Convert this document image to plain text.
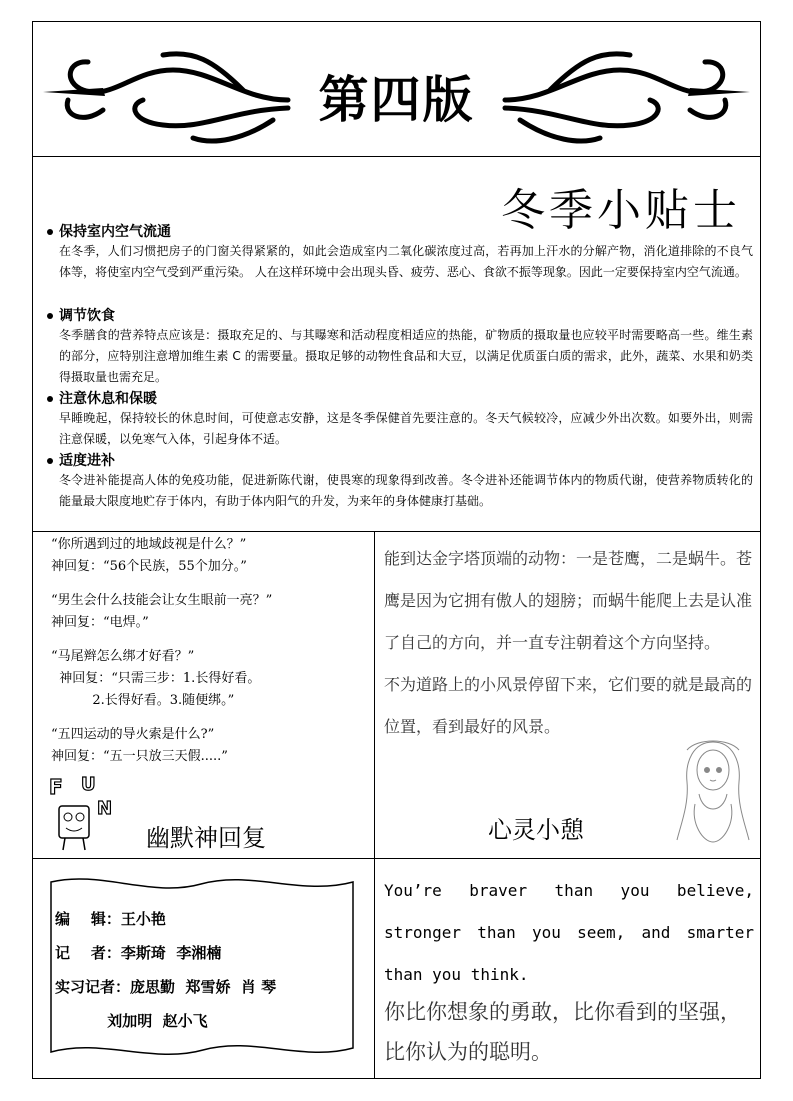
第四版
冬季小贴士
保持室内空气流通
在冬季，人们习惯把房子的门窗关得紧紧的，如此会造成室内二氧化碳浓度过高，若再加上汗水的分解产物，消化道排除的不良气体等，将使室内空气受到严重污染。 人在这样环境中会出现头昏、疲劳、恶心、食欲不振等现象。因此一定要保持室内空气流通。
调节饮食
冬季膳食的营养特点应该是：摄取充足的、与其曝寒和活动程度相适应的热能，矿物质的摄取量也应较平时需要略高一些。维生素的部分，应特别注意增加维生素 C 的需要量。摄取足够的动物性食品和大豆，以满足优质蛋白质的需求，此外，蔬菜、水果和奶类得摄取量也需充足。
注意休息和保暖
早睡晚起，保持较长的休息时间，可使意志安静，这是冬季保健首先要注意的。冬天气候较冷，应减少外出次数。如要外出，则需注意保暖，以免寒气入体，引起身体不适。
适度进补
冬令进补能提高人体的免疫功能，促进新陈代谢，使畏寒的现象得到改善。冬令进补还能调节体内的物质代谢，使营养物质转化的能量最大限度地贮存于体内，有助于体内阳气的升发，为来年的身体健康打基础。
“你所遇到过的地域歧视是什么？”
神回复：“56个民族，55个加分。”
“男生会什么技能会让女生眼前一亮？”
神回复：“电焊。”
“马尾辫怎么绑才好看？”
神回复：“只需三步：1.长得好看。
2.长得好看。3.随便绑。”
“五四运动的导火索是什么?”
神回复：“五一只放三天假.....”
F U
N
幽默神回复

能到达金字塔顶端的动物：一是苍鹰，二是蜗牛。苍鹰是因为它拥有傲人的翅膀；而蜗牛能爬上去是认准了自己的方向，并一直专注朝着这个方向坚持。

不为道路上的小风景停留下来，它们要的就是最高的位置，看到最好的风景。

心灵小憩
编    辑：王小艳
记    者：李斯琦  李湘楠
实习记者：庞思勤  郑雪娇  肖 琴
刘加明  赵小飞
You’re braver than you believe, stronger than you seem, and smarter than you think.
你比你想象的勇敢，比你看到的坚强，比你认为的聪明。
